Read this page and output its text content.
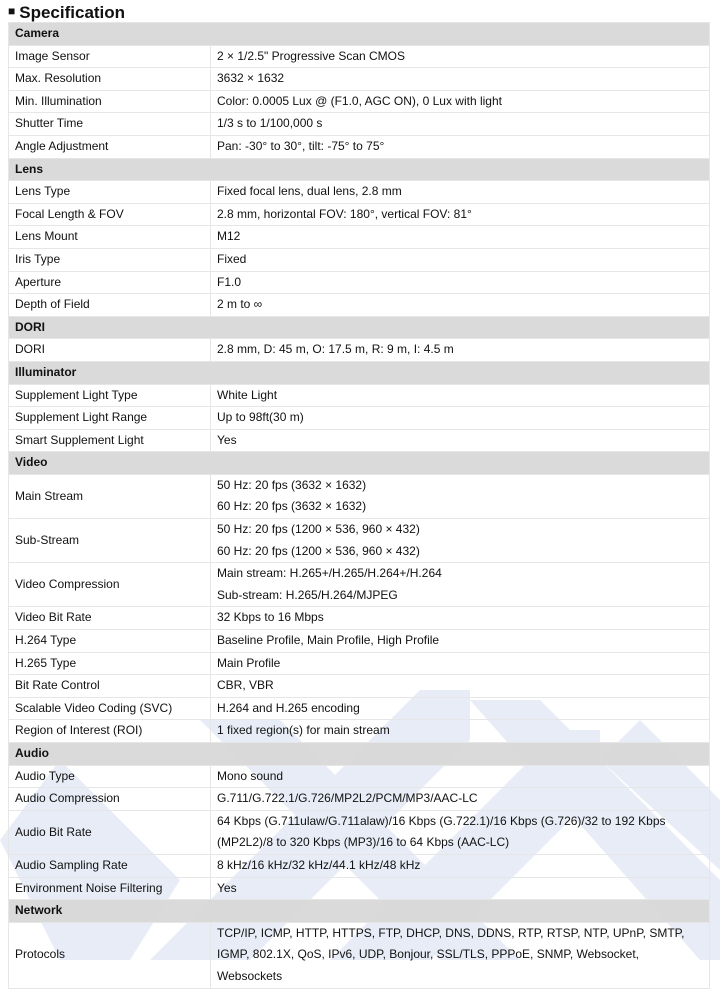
■ Specification
Camera	
Image Sensor	2 × 1/2.5" Progressive Scan CMOS

Max. Resolution	3632 × 1632

Min. Illumination	Color: 0.0005 Lux @ (F1.0, AGC ON), 0 Lux with light

Shutter Time	1/3 s to 1/100,000 s

Angle Adjustment	Pan: -30° to 30°, tilt: -75° to 75°

Lens	
Lens Type	Fixed focal lens, dual lens, 2.8 mm

Focal Length & FOV	2.8 mm, horizontal FOV: 180°, vertical FOV: 81°

Lens Mount	M12

Iris Type	Fixed

Aperture	F1.0

Depth of Field	2 m to ∞

DORI	
DORI	2.8 mm, D: 45 m, O: 17.5 m, R: 9 m, I: 4.5 m

Illuminator	
Supplement Light Type	White Light

Supplement Light Range	Up to 98ft(30 m)

Smart Supplement Light	Yes

Video	
Main Stream	50 Hz: 20 fps (3632 × 1632)
60 Hz: 20 fps (3632 × 1632)

Sub-Stream	50 Hz: 20 fps (1200 × 536, 960 × 432)
60 Hz: 20 fps (1200 × 536, 960 × 432)

Video Compression	Main stream: H.265+/H.265/H.264+/H.264
Sub-stream: H.265/H.264/MJPEG

Video Bit Rate	32 Kbps to 16 Mbps

H.264 Type	Baseline Profile, Main Profile, High Profile

H.265 Type	Main Profile

Bit Rate Control	CBR, VBR

Scalable Video Coding (SVC)	H.264 and H.265 encoding

Region of Interest (ROI)	1 fixed region(s) for main stream

Audio	
Audio Type	Mono sound

Audio Compression	G.711/G.722.1/G.726/MP2L2/PCM/MP3/AAC-LC

Audio Bit Rate	64 Kbps (G.711ulaw/G.711alaw)/16 Kbps (G.722.1)/16 Kbps (G.726)/32 to 192 Kbps
(MP2L2)/8 to 320 Kbps (MP3)/16 to 64 Kbps (AAC-LC)

Audio Sampling Rate	8 kHz/16 kHz/32 kHz/44.1 kHz/48 kHz

Environment Noise Filtering	Yes

Network	
Protocols	TCP/IP, ICMP, HTTP, HTTPS, FTP, DHCP, DNS, DDNS, RTP, RTSP, NTP, UPnP, SMTP,
IGMP, 802.1X, QoS, IPv6, UDP, Bonjour, SSL/TLS, PPPoE, SNMP, Websocket,
Websockets
